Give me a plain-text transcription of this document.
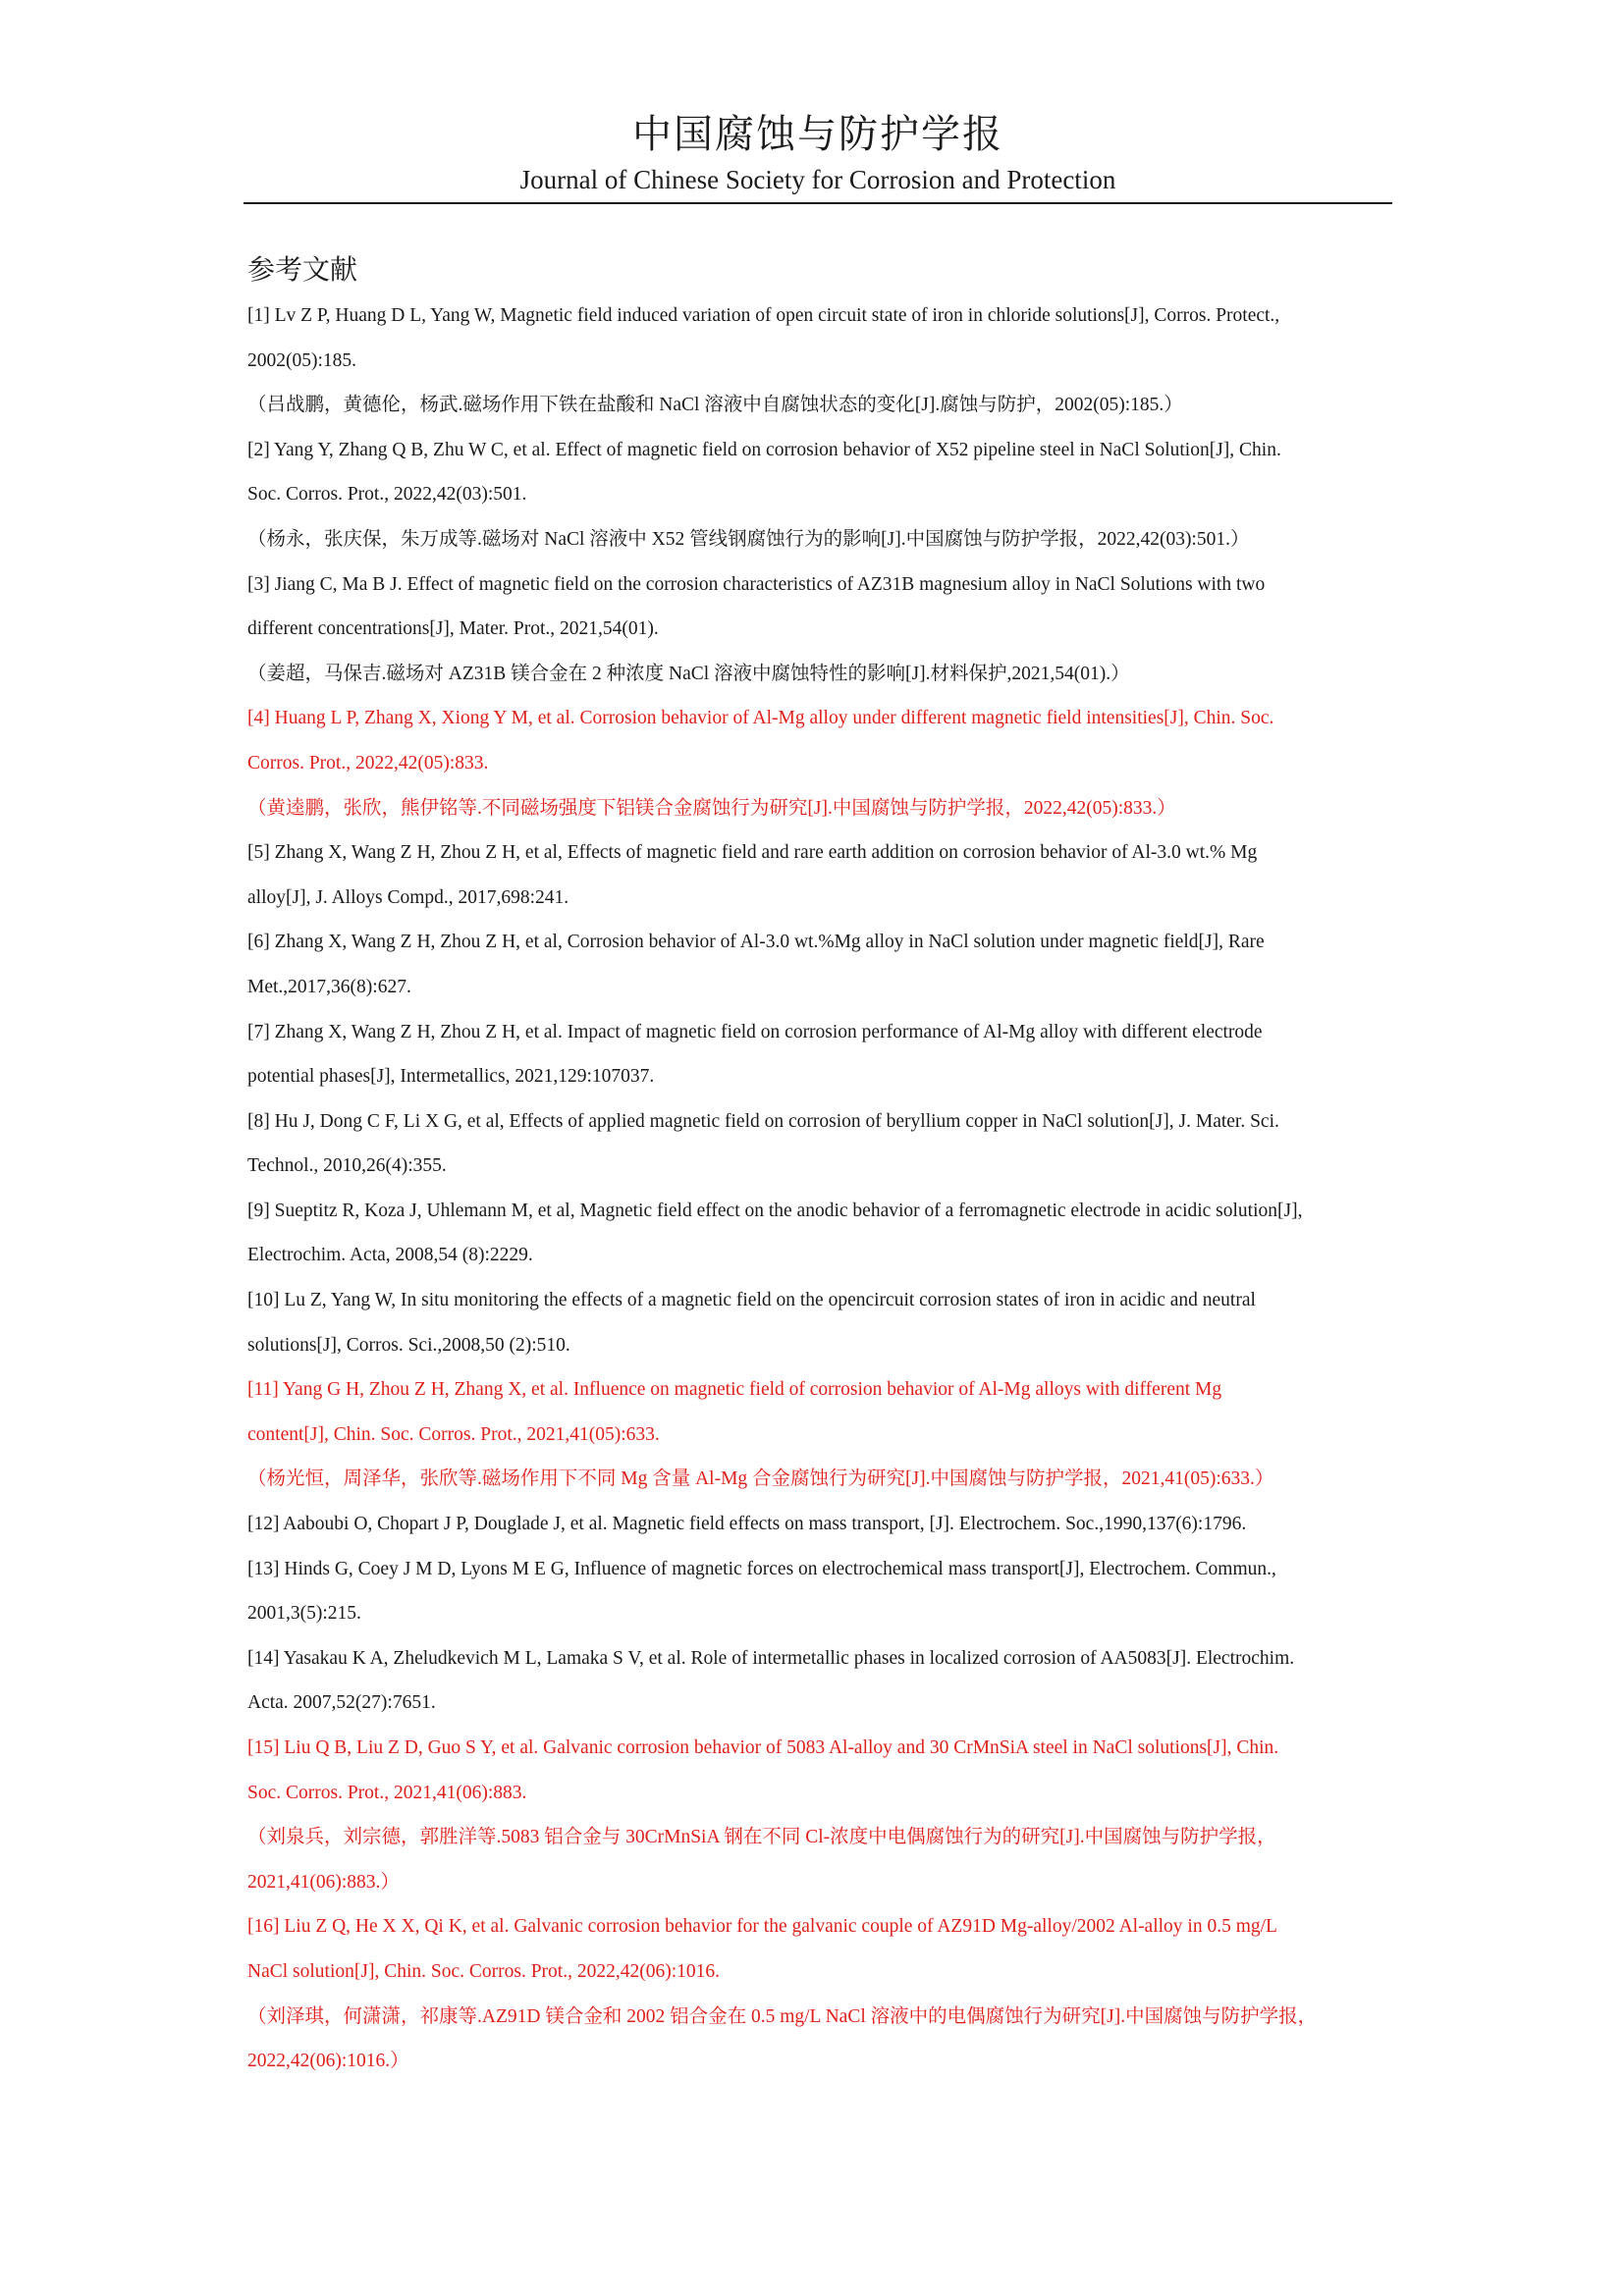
中国腐蚀与防护学报
Journal of Chinese Society for Corrosion and Protection
参考文献

[1] Lv Z P, Huang D L, Yang W, Magnetic field induced variation of open circuit state of iron in chloride solutions[J], Corros. Protect.,

2002(05):185.

（吕战鹏，黄德伦，杨武.磁场作用下铁在盐酸和 NaCl 溶液中自腐蚀状态的变化[J].腐蚀与防护，2002(05):185.）

[2] Yang Y, Zhang Q B, Zhu W C, et al. Effect of magnetic field on corrosion behavior of X52 pipeline steel in NaCl Solution[J], Chin.

Soc. Corros. Prot., 2022,42(03):501.

（杨永，张庆保，朱万成等.磁场对 NaCl 溶液中 X52 管线钢腐蚀行为的影响[J].中国腐蚀与防护学报，2022,42(03):501.）

[3] Jiang C, Ma B J. Effect of magnetic field on the corrosion characteristics of AZ31B magnesium alloy in NaCl Solutions with two

different concentrations[J], Mater. Prot., 2021,54(01).

（姜超，马保吉.磁场对 AZ31B 镁合金在 2 种浓度 NaCl 溶液中腐蚀特性的影响[J].材料保护,2021,54(01).）

[4] Huang L P, Zhang X, Xiong Y M, et al. Corrosion behavior of Al-Mg alloy under different magnetic field intensities[J], Chin. Soc.

Corros. Prot., 2022,42(05):833.

（黄逵鹏，张欣，熊伊铭等.不同磁场强度下铝镁合金腐蚀行为研究[J].中国腐蚀与防护学报，2022,42(05):833.）

[5] Zhang X, Wang Z H, Zhou Z H, et al, Effects of magnetic field and rare earth addition on corrosion behavior of Al-3.0 wt.% Mg

alloy[J], J. Alloys Compd., 2017,698:241.

[6] Zhang X, Wang Z H, Zhou Z H, et al, Corrosion behavior of Al-3.0 wt.%Mg alloy in NaCl solution under magnetic field[J], Rare

Met.,2017,36(8):627.

[7] Zhang X, Wang Z H, Zhou Z H, et al. Impact of magnetic field on corrosion performance of Al-Mg alloy with different electrode

potential phases[J], Intermetallics, 2021,129:107037.

[8] Hu J, Dong C F, Li X G, et al, Effects of applied magnetic field on corrosion of beryllium copper in NaCl solution[J], J. Mater. Sci.

Technol., 2010,26(4):355.

[9] Sueptitz R, Koza J, Uhlemann M, et al, Magnetic field effect on the anodic behavior of a ferromagnetic electrode in acidic solution[J],

Electrochim. Acta, 2008,54 (8):2229.

[10] Lu Z, Yang W, In situ monitoring the effects of a magnetic field on the opencircuit corrosion states of iron in acidic and neutral

solutions[J], Corros. Sci.,2008,50 (2):510.

[11] Yang G H, Zhou Z H, Zhang X, et al. Influence on magnetic field of corrosion behavior of Al-Mg alloys with different Mg

content[J], Chin. Soc. Corros. Prot., 2021,41(05):633.

（杨光恒，周泽华，张欣等.磁场作用下不同 Mg 含量 Al-Mg 合金腐蚀行为研究[J].中国腐蚀与防护学报，2021,41(05):633.）

[12] Aaboubi O, Chopart J P, Douglade J, et al. Magnetic field effects on mass transport, [J]. Electrochem. Soc.,1990,137(6):1796.

[13] Hinds G, Coey J M D, Lyons M E G, Influence of magnetic forces on electrochemical mass transport[J], Electrochem. Commun.,

2001,3(5):215.

[14] Yasakau K A, Zheludkevich M L, Lamaka S V, et al. Role of intermetallic phases in localized corrosion of AA5083[J]. Electrochim.

Acta. 2007,52(27):7651.

[15] Liu Q B, Liu Z D, Guo S Y, et al. Galvanic corrosion behavior of 5083 Al-alloy and 30 CrMnSiA steel in NaCl solutions[J], Chin.

Soc. Corros. Prot., 2021,41(06):883.

（刘泉兵，刘宗德，郭胜洋等.5083 铝合金与 30CrMnSiA 钢在不同 Cl-浓度中电偶腐蚀行为的研究[J].中国腐蚀与防护学报，

2021,41(06):883.）

[16] Liu Z Q, He X X, Qi K, et al. Galvanic corrosion behavior for the galvanic couple of AZ91D Mg-alloy/2002 Al-alloy in 0.5 mg/L

NaCl solution[J], Chin. Soc. Corros. Prot., 2022,42(06):1016.

（刘泽琪，何潇潇，祁康等.AZ91D 镁合金和 2002 铝合金在 0.5 mg/L NaCl 溶液中的电偶腐蚀行为研究[J].中国腐蚀与防护学报，

2022,42(06):1016.）
